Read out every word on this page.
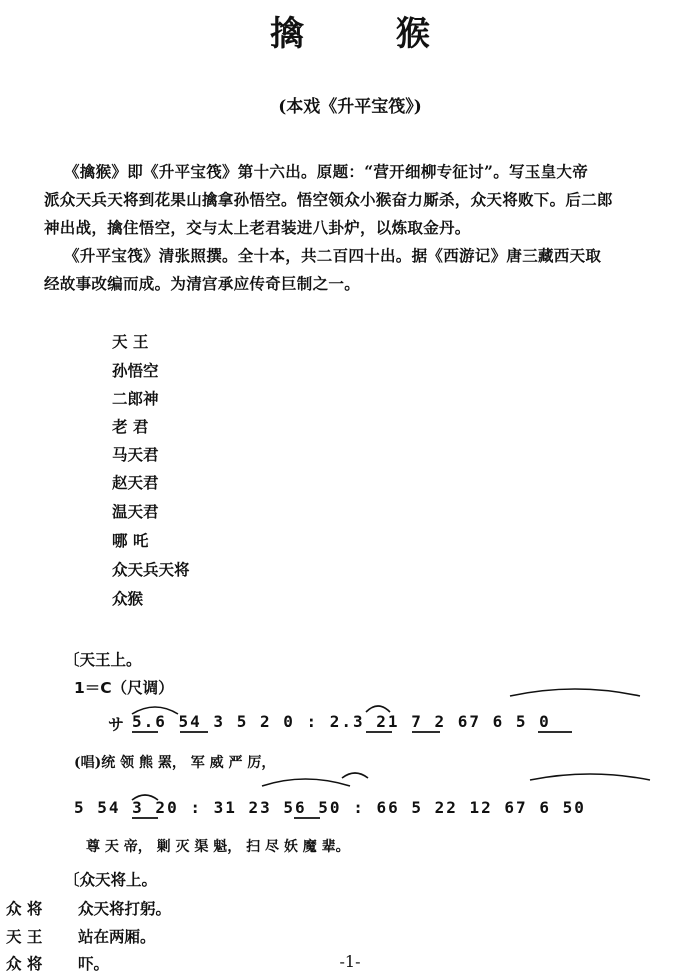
擒 猴
(本戏《升平宝筏》)
《擒猴》即《升平宝筏》第十六出。原题：“营开细柳专征讨”。写玉皇大帝
派众天兵天将到花果山擒拿孙悟空。悟空领众小猴奋力厮杀，众天将败下。后二郎
神出战，擒住悟空，交与太上老君装进八卦炉，以炼取金丹。
《升平宝筏》清张照撰。全十本，共二百四十出。据《西游记》唐三藏西天取
经故事改编而成。为清宫承应传奇巨制之一。
天 王
孙悟空
二郎神
老 君
马天君
赵天君
温天君
哪 吒
众天兵天将
众猴
〔天王上。
1＝C（尺调）
サ 5.6 54 3 5 2 0 : 2.3 21 7 2 67 6 5 0
(唱)统 领 熊 罴， 军 威 严 厉，
5 54 3 20 : 31 23 56 50 : 66 5 22 12 67 6 50
尊 天 帝， 剿 灭 渠 魁， 扫 尽 妖 魔 辈。
〔众天将上。
众 将 众天将打躬。
天 王 站在两厢。
众 将 吓。	-1-
